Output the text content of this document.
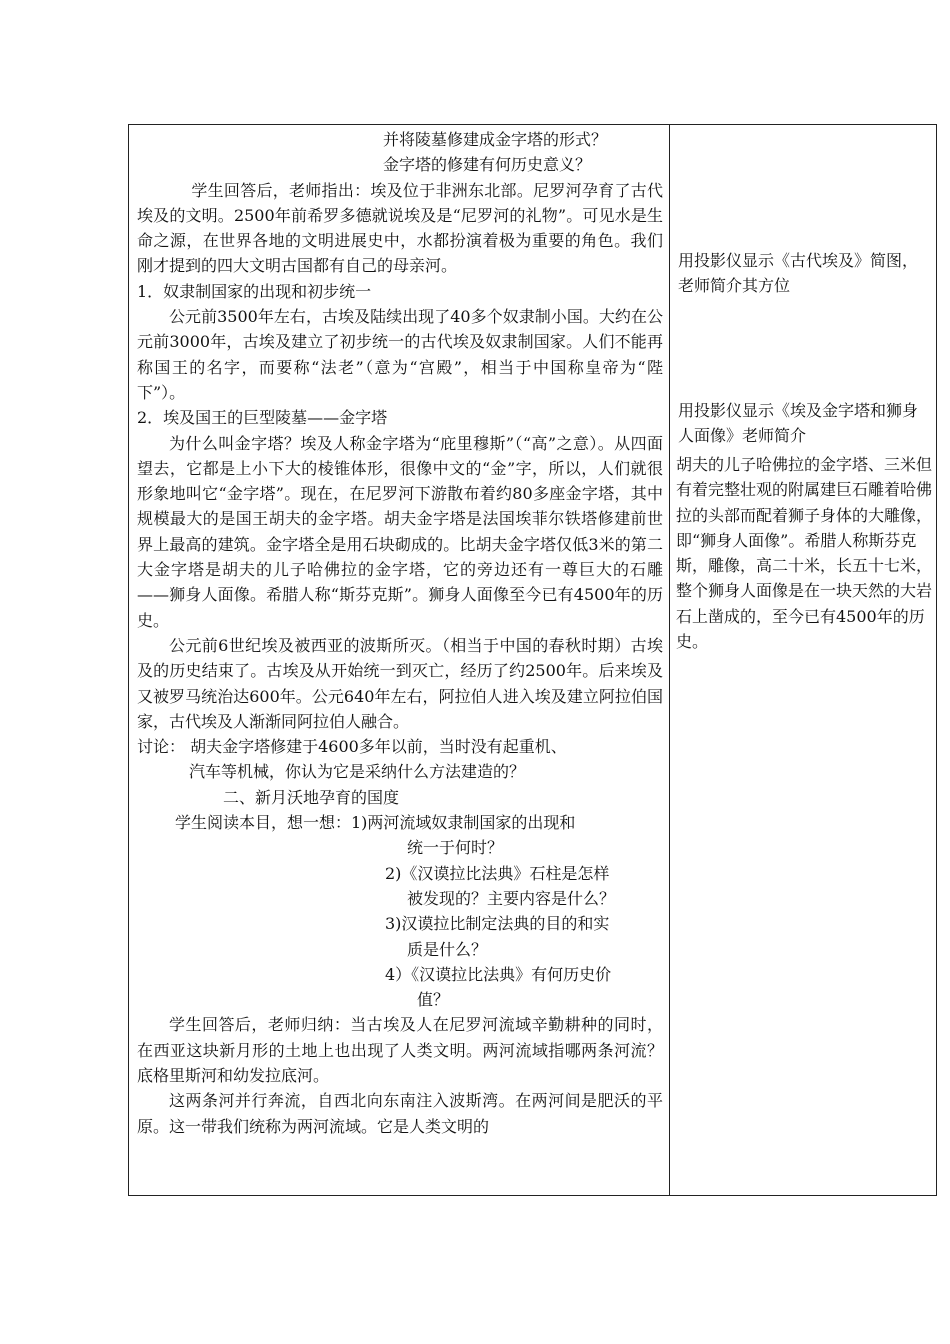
并将陵墓修建成金字塔的形式？

金字塔的修建有何历史意义？

学生回答后，老师指出：埃及位于非洲东北部。尼罗河孕育了古代埃及的文明。2500年前希罗多德就说埃及是“尼罗河的礼物”。可见水是生命之源，在世界各地的文明进展史中，水都扮演着极为重要的角色。我们刚才提到的四大文明古国都有自己的母亲河。

1．奴隶制国家的出现和初步统一

公元前3500年左右，古埃及陆续出现了40多个奴隶制小国。大约在公元前3000年，古埃及建立了初步统一的古代埃及奴隶制国家。人们不能再称国王的名字，而要称“法老”（意为“宫殿”，相当于中国称皇帝为“陛下”）。

2．埃及国王的巨型陵墓——金字塔

为什么叫金字塔？埃及人称金字塔为“庇里穆斯”（“高”之意）。从四面望去，它都是上小下大的棱锥体形，很像中文的“金”字，所以，人们就很形象地叫它“金字塔”。现在，在尼罗河下游散布着约80多座金字塔，其中规模最大的是国王胡夫的金字塔。胡夫金字塔是法国埃菲尔铁塔修建前世界上最高的建筑。金字塔全是用石块砌成的。比胡夫金字塔仅低3米的第二大金字塔是胡夫的儿子哈佛拉的金字塔，它的旁边还有一尊巨大的石雕——狮身人面像。希腊人称“斯芬克斯”。狮身人面像至今已有4500年的历史。

公元前6世纪埃及被西亚的波斯所灭。（相当于中国的春秋时期）古埃及的历史结束了。古埃及从开始统一到灭亡，经历了约2500年。后来埃及又被罗马统治达600年。公元640年左右，阿拉伯人进入埃及建立阿拉伯国家，古代埃及人渐渐同阿拉伯人融合。

讨论： 胡夫金字塔修建于4600多年以前，当时没有起重机、

汽车等机械，你认为它是采纳什么方法建造的？

二、新月沃地孕育的国度

学生阅读本目，想一想：1)两河流域奴隶制国家的出现和

统一于何时？

2)《汉谟拉比法典》石柱是怎样

被发现的？主要内容是什么？

3)汉谟拉比制定法典的目的和实

质是什么？

4）《汉谟拉比法典》有何历史价

值？

学生回答后，老师归纳：当古埃及人在尼罗河流域辛勤耕种的同时，在西亚这块新月形的土地上也出现了人类文明。两河流域指哪两条河流？底格里斯河和幼发拉底河。

这两条河并行奔流，自西北向东南注入波斯湾。在两河间是肥沃的平原。这一带我们统称为两河流域。它是人类文明的

用投影仪显示《古代埃及》简图，老师简介其方位

用投影仪显示《埃及金字塔和狮身人面像》老师简介

胡夫的儿子哈佛拉的金字塔、三米但有着完整壮观的附属建巨石雕着哈佛拉的头部而配着狮子身体的大雕像，即“狮身人面像”。希腊人称斯芬克斯，雕像，高二十米，长五十七米，整个狮身人面像是在一块天然的大岩石上凿成的，至今已有4500年的历史。
